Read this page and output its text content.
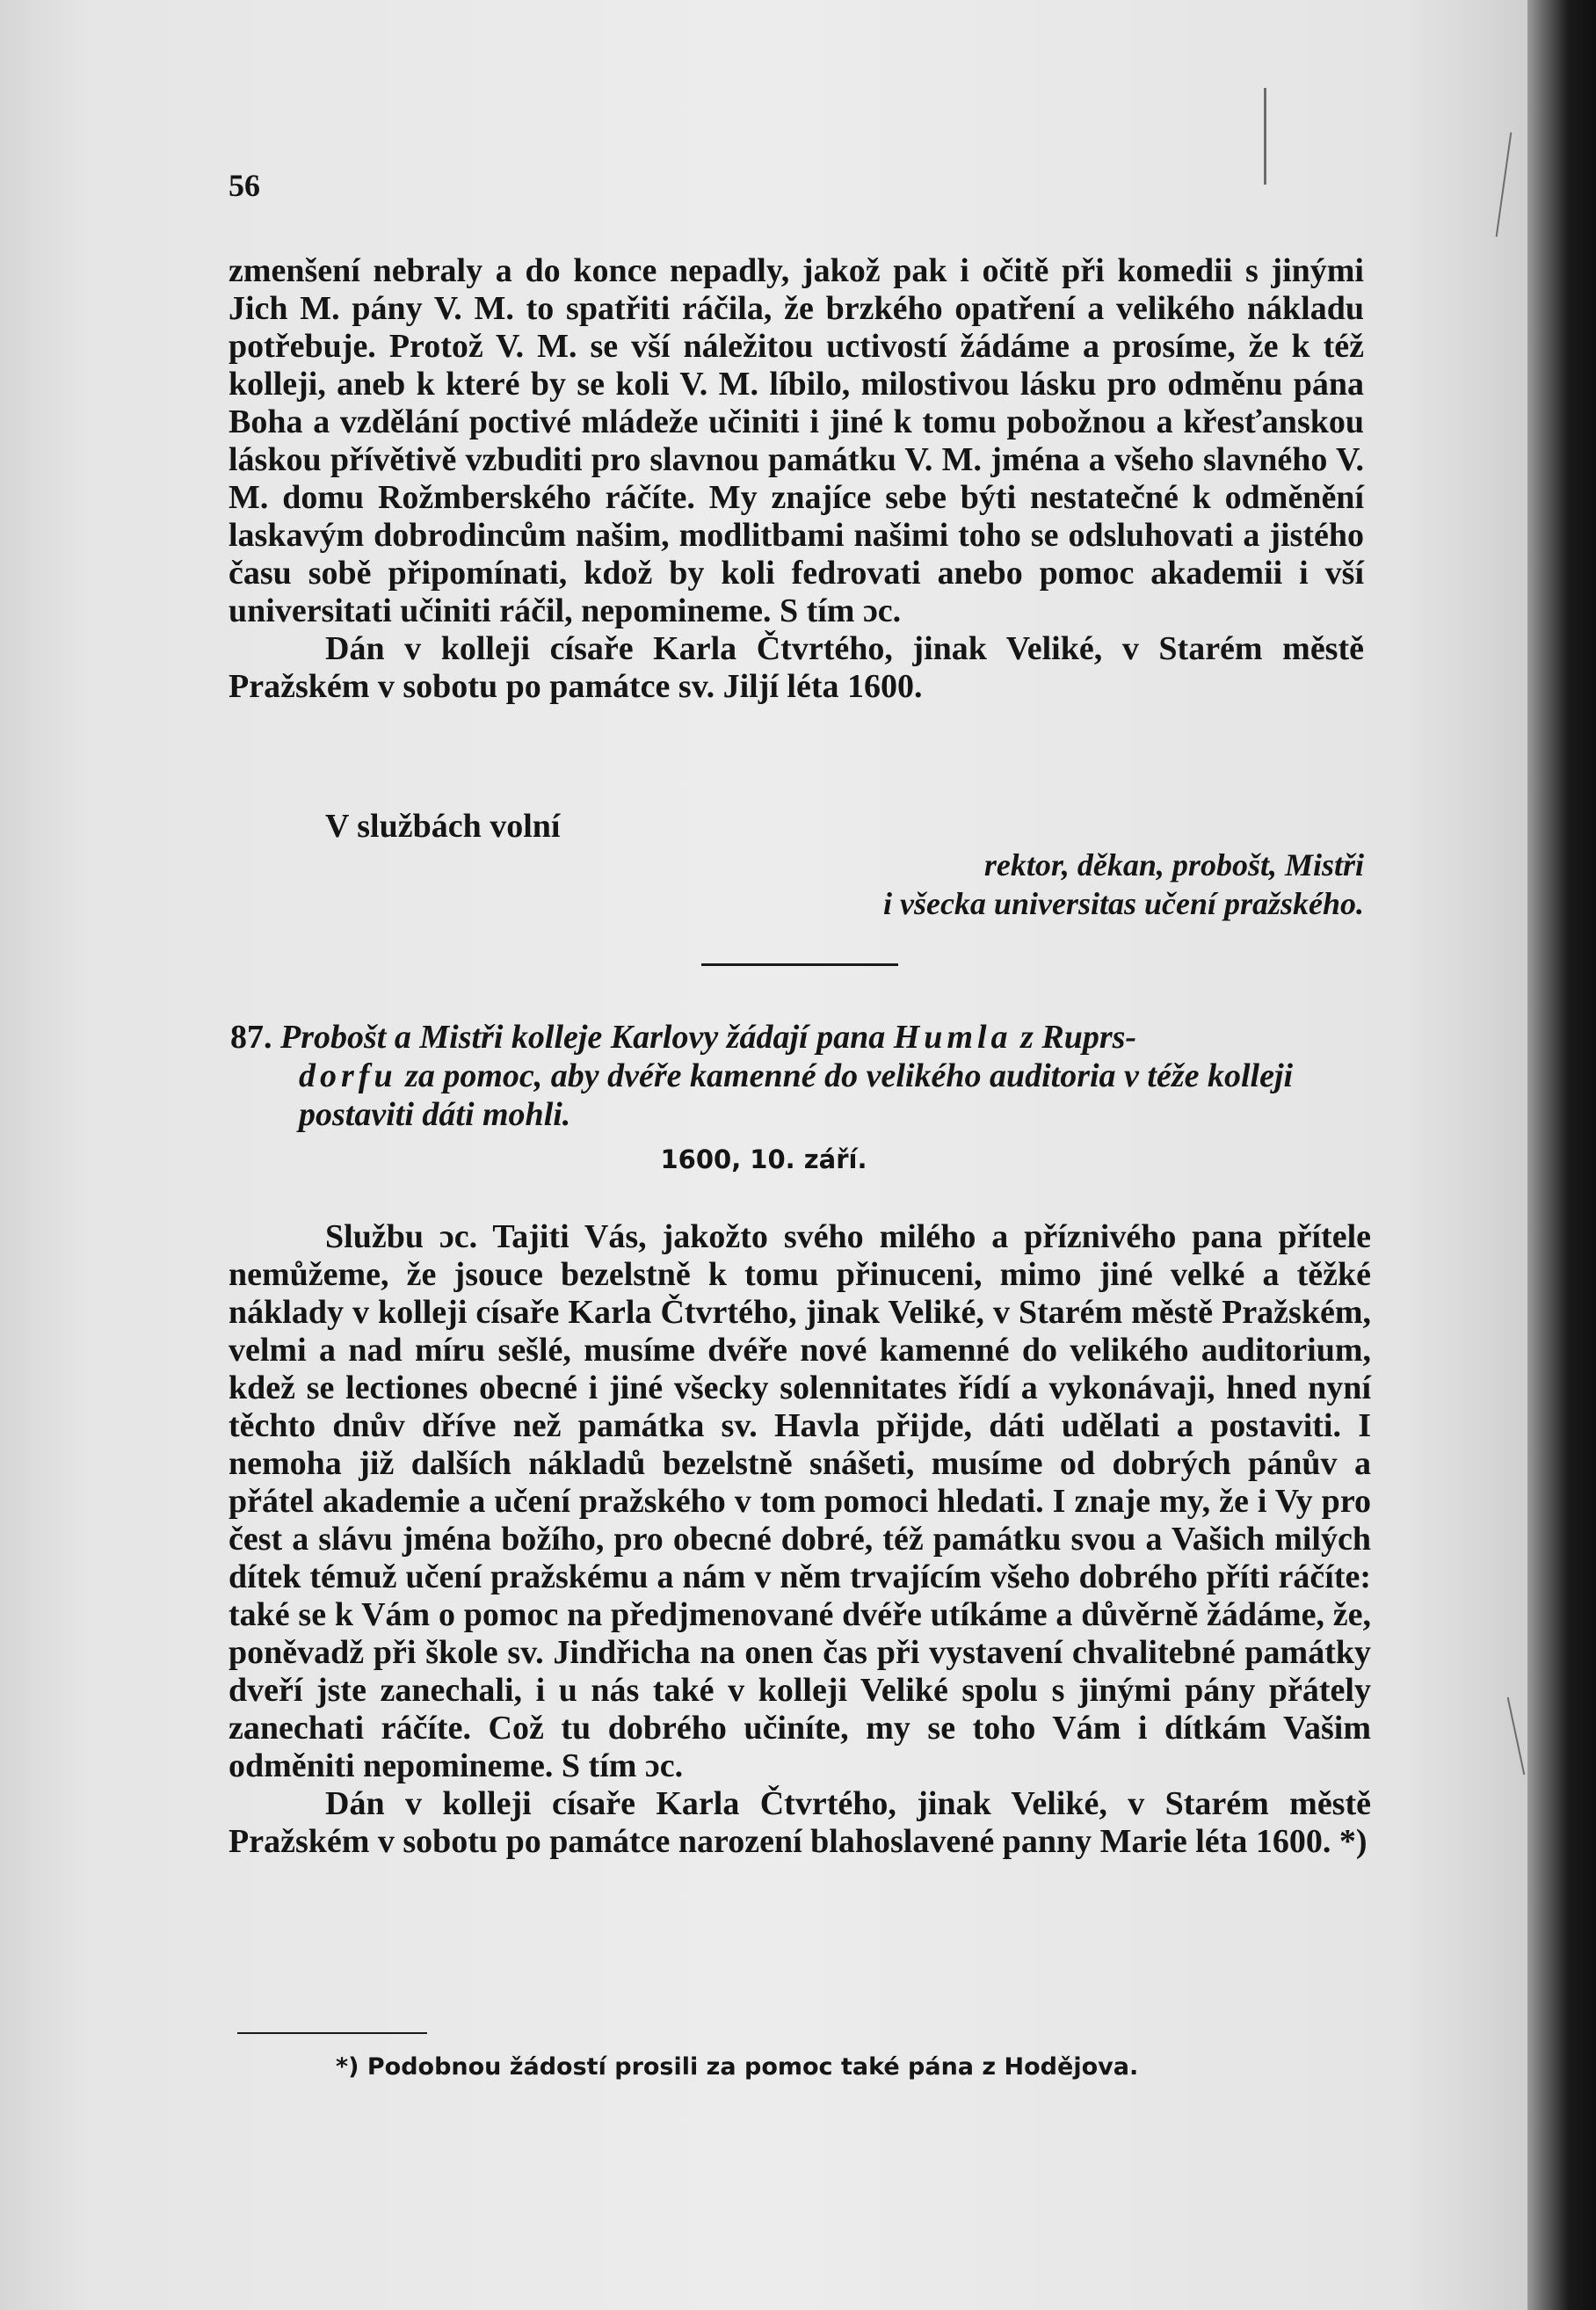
56

zmenšení nebraly a do konce nepadly, jakož pak i očitě při komedii s jinými Jich M. pány V. M. to spatřiti ráčila, že brzkého opatření a velikého nákladu potřebuje. Protož V. M. se vší náležitou uctivostí žádáme a prosíme, že k též kolleji, aneb k které by se koli V. M. líbilo, milostivou lásku pro odměnu pána Boha a vzdělání poctivé mládeže učiniti i jiné k tomu pobožnou a křesťanskou láskou přívětivě vzbuditi pro slavnou památku V. M. jména a všeho slavného V. M. domu Rožmberského ráčíte. My znajíce sebe býti nestatečné k odměnění laskavým dobrodincům našim, modlitbami našimi toho se odsluhovati a jistého času sobě připomínati, kdož by koli fedrovati anebo pomoc akademii i vší universitati učiniti ráčil, nepomineme. S tím ɔc.

Dán v kolleji císaře Karla Čtvrtého, jinak Veliké, v Starém městě Pražském v sobotu po památce sv. Jiljí léta 1600.

V službách volní
rektor, děkan, probošt, Mistři
i všecka universitas učení pražského.
87. Probošt a Mistři kolleje Karlovy žádají pana Humla z Ruprs-
dorfu za pomoc, aby dvéře kamenné do velikého auditoria v téže kolleji postaviti dáti mohli.
1600, 10. září.

Službu ɔc. Tajiti Vás, jakožto svého milého a příznivého pana přítele nemůžeme, že jsouce bezelstně k tomu přinuceni, mimo jiné velké a těžké náklady v kolleji císaře Karla Čtvrtého, jinak Veliké, v Starém městě Pražském, velmi a nad míru sešlé, musíme dvéře nové kamenné do velikého auditorium, kdež se lectiones obecné i jiné všecky solennitates řídí a vykonávaji, hned nyní těchto dnův dříve než památka sv. Havla přijde, dáti udělati a postaviti. I nemoha již dalších nákladů bezelstně snášeti, musíme od dobrých pánův a přátel akademie a učení pražského v tom pomoci hledati. I znaje my, že i Vy pro čest a slávu jména božího, pro obecné dobré, též památku svou a Vašich milých dítek témuž učení pražskému a nám v něm trvajícím všeho dobrého příti ráčíte: také se k Vám o pomoc na předjmenované dvéře utíkáme a důvěrně žádáme, že, poněvadž při škole sv. Jindřicha na onen čas při vystavení chvalitebné památky dveří jste zanechali, i u nás také v kolleji Veliké spolu s jinými pány přátely zanechati ráčíte. Což tu dobrého učiníte, my se toho Vám i dítkám Vašim odměniti nepomineme. S tím ɔc.

Dán v kolleji císaře Karla Čtvrtého, jinak Veliké, v Starém městě Pražském v sobotu po památce narození blahoslavené panny Marie léta 1600. *)

*) Podobnou žádostí prosili za pomoc také pána z Hodějova.
